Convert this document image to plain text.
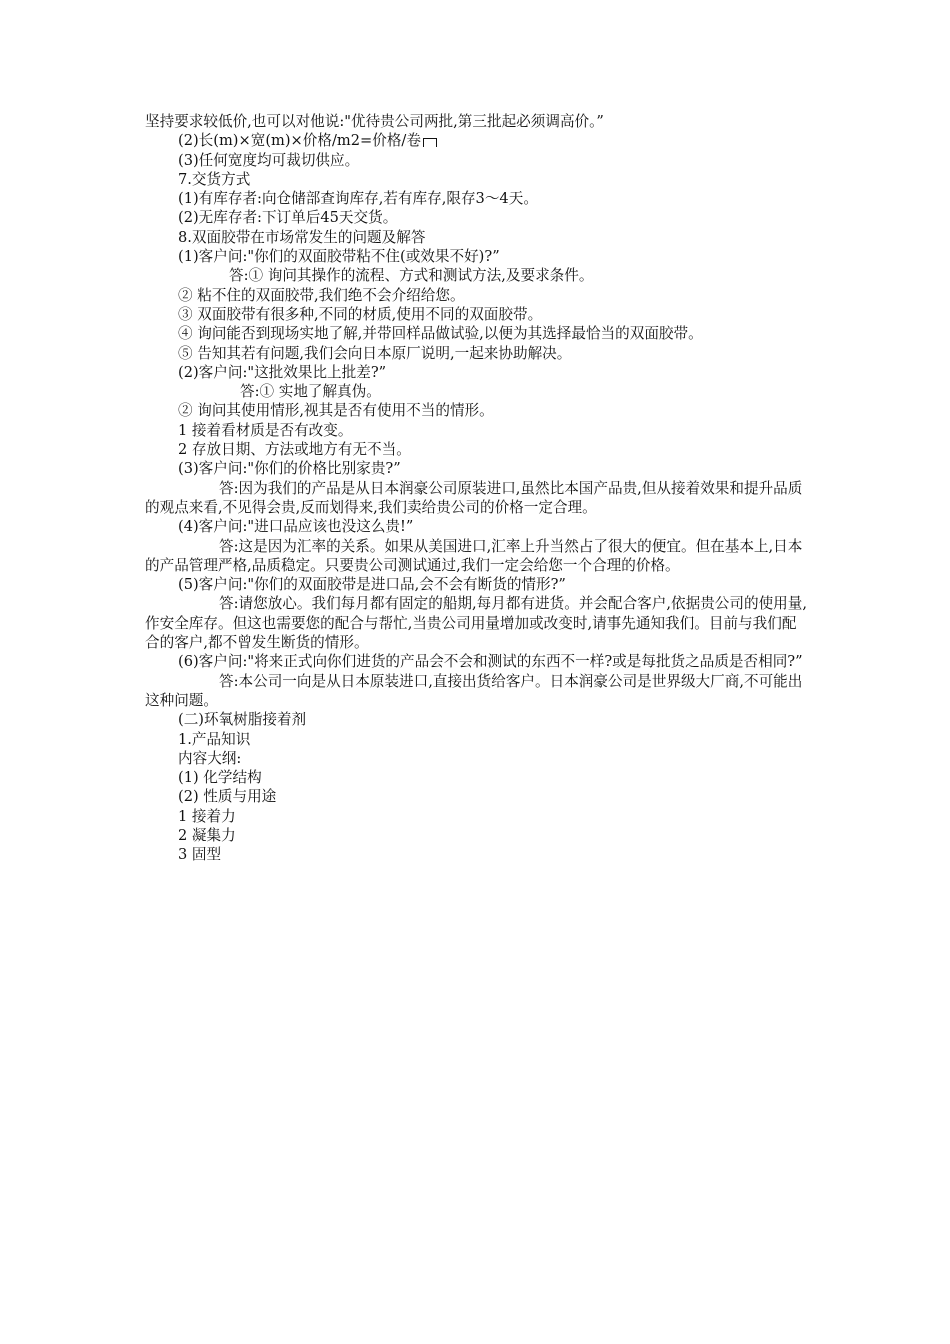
坚持要求较低价,也可以对他说:"优待贵公司两批,第三批起必须调高价。”

(2)长(m)×宽(m)×价格/m2=价格/卷

(3)任何宽度均可裁切供应。

7.交货方式

(1)有库存者:向仓储部查询库存,若有库存,限存3～4天。

(2)无库存者:下订单后45天交货。

8.双面胶带在市场常发生的问题及解答

(1)客户问:"你们的双面胶带粘不住(或效果不好)?”

答:① 询问其操作的流程、方式和测试方法,及要求条件。

② 粘不住的双面胶带,我们绝不会介绍给您。

③ 双面胶带有很多种,不同的材质,使用不同的双面胶带。

④ 询问能否到现场实地了解,并带回样品做试验,以便为其选择最恰当的双面胶带。

⑤ 告知其若有问题,我们会向日本原厂说明,一起来协助解决。

(2)客户问:"这批效果比上批差?”

答:① 实地了解真伪。

② 询问其使用情形,视其是否有使用不当的情形。

1 接着看材质是否有改变。

2 存放日期、方法或地方有无不当。

(3)客户问:"你们的价格比别家贵?”

答:因为我们的产品是从日本润豪公司原装进口,虽然比本国产品贵,但从接着效果和提升品质的观点来看,不见得会贵,反而划得来,我们卖给贵公司的价格一定合理。

(4)客户问:"进口品应该也没这么贵!”

答:这是因为汇率的关系。如果从美国进口,汇率上升当然占了很大的便宜。但在基本上,日本的产品管理严格,品质稳定。只要贵公司测试通过,我们一定会给您一个合理的价格。

(5)客户问:"你们的双面胶带是进口品,会不会有断货的情形?”

答:请您放心。我们每月都有固定的船期,每月都有进货。并会配合客户,依据贵公司的使用量,作安全库存。但这也需要您的配合与帮忙,当贵公司用量增加或改变时,请事先通知我们。目前与我们配合的客户,都不曾发生断货的情形。

(6)客户问:"将来正式向你们进货的产品会不会和测试的东西不一样?或是每批货之品质是否相同?”

答:本公司一向是从日本原装进口,直接出货给客户。日本润豪公司是世界级大厂商,不可能出这种问题。

(二)环氧树脂接着剂

1.产品知识

内容大纲:

(1) 化学结构

(2) 性质与用途

1 接着力

2 凝集力

3 固型
